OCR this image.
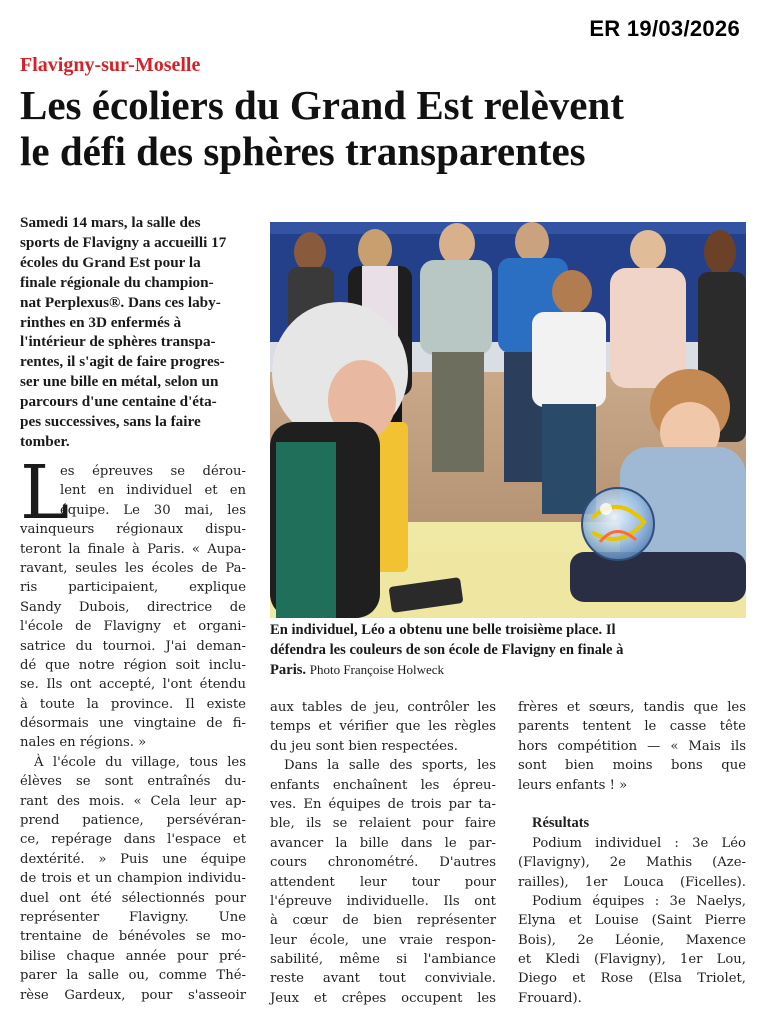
ER 19/03/2026
Flavigny-sur-Moselle
Les écoliers du Grand Est relèvent
le défi des sphères transparentes
Samedi 14 mars, la salle des
sports de Flavigny a accueilli 17
écoles du Grand Est pour la
finale régionale du champion-
nat Perplexus®. Dans ces laby-
rinthes en 3D enfermés à
l'intérieur de sphères transpa-
rentes, il s'agit de faire progres-
ser une bille en métal, selon un
parcours d'une centaine d'éta-
pes successives, sans la faire
tomber.
L
es épreuves se dérou-
lent en individuel et en
équipe. Le 30 mai, les
vainqueurs régionaux dispu-
teront la finale à Paris. « Aupa-
ravant, seules les écoles de Pa-
ris participaient, explique
Sandy Dubois, directrice de
l'école de Flavigny et organi-
satrice du tournoi. J'ai deman-
dé que notre région soit inclu-
se. Ils ont accepté, l'ont étendu
à toute la province. Il existe
désormais une vingtaine de fi-
nales en régions. »
À l'école du village, tous les
élèves se sont entraînés du-
rant des mois. « Cela leur ap-
prend patience, persévéran-
ce, repérage dans l'espace et
dextérité. » Puis une équipe
de trois et un champion individu-
duel ont été sélectionnés pour
représenter Flavigny. Une
trentaine de bénévoles se mo-
bilise chaque année pour pré-
parer la salle ou, comme Thé-
rèse Gardeux, pour s'asseoir
En individuel, Léo a obtenu une belle troisième place. Il
défendra les couleurs de son école de Flavigny en finale à
Paris. Photo Françoise Holweck
aux tables de jeu, contrôler les
temps et vérifier que les règles
du jeu sont bien respectées.
Dans la salle des sports, les
enfants enchaînent les épreu-
ves. En équipes de trois par ta-
ble, ils se relaient pour faire
avancer la bille dans le par-
cours chronométré. D'autres
attendent leur tour pour
l'épreuve individuelle. Ils ont
à cœur de bien représenter
leur école, une vraie respon-
sabilité, même si l'ambiance
reste avant tout conviviale.
Jeux et crêpes occupent les
frères et sœurs, tandis que les
parents tentent le casse tête
hors compétition — « Mais ils
sont bien moins bons que
leurs enfants ! »

Résultats
Podium individuel : 3e Léo
(Flavigny), 2e Mathis (Aze-
railles), 1er Louca (Ficelles).
Podium équipes : 3e Naelys,
Elyna et Louise (Saint Pierre
Bois), 2e Léonie, Maxence
et Kledi (Flavigny), 1er Lou,
Diego et Rose (Elsa Triolet,
Frouard).
